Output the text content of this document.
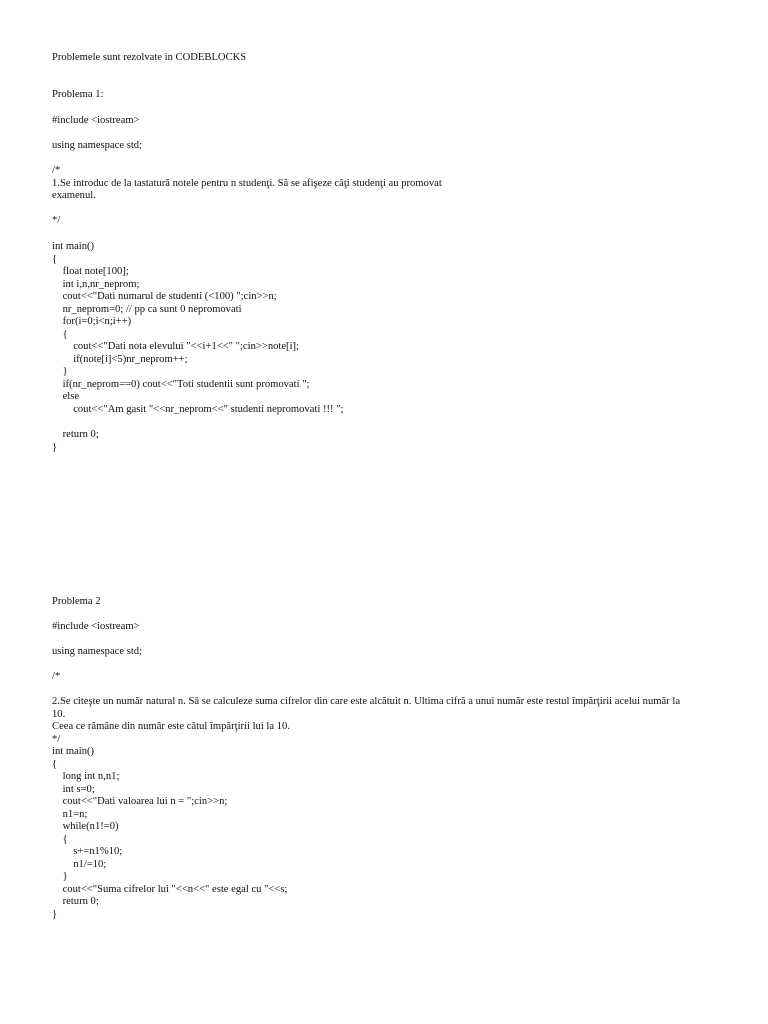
Problemele sunt rezolvate in CODEBLOCKS
Problema 1:
#include <iostream>
using namespace std;
/*
1.Se introduc de la tastatură notele pentru n studenţi. Să se afişeze câţi studenţi au promovat
examenul.
*/
int main()
{
float note[100];
int i,n,nr_neprom;
cout<<"Dati numarul de studenti (<100) ";cin>>n;
nr_neprom=0; // pp ca sunt 0 nepromovati
for(i=0;i<n;i++)
{
cout<<"Dati nota elevului "<<i+1<<" ";cin>>note[i];
if(note[i]<5)nr_neprom++;
}
if(nr_neprom==0) cout<<"Toti studentii sunt promovati ";
else
cout<<"Am gasit "<<nr_neprom<<" studenti nepromovati !!! ";
return 0;
}
Problema 2
#include <iostream>
using namespace std;
/*
2.Se citeşte un număr natural n. Să se calculeze suma cifrelor din care este alcătuit n. Ultima cifră a unui număr este restul împărţirii acelui număr la
10.
Ceea ce rămâne din număr este câtul împărţirii lui la 10.
*/
int main()
{
long int n,n1;
int s=0;
cout<<"Dati valoarea lui n = ";cin>>n;
n1=n;
while(n1!=0)
{
s+=n1%10;
n1/=10;
}
cout<<"Suma cifrelor lui "<<n<<" este egal cu "<<s;
return 0;
}
